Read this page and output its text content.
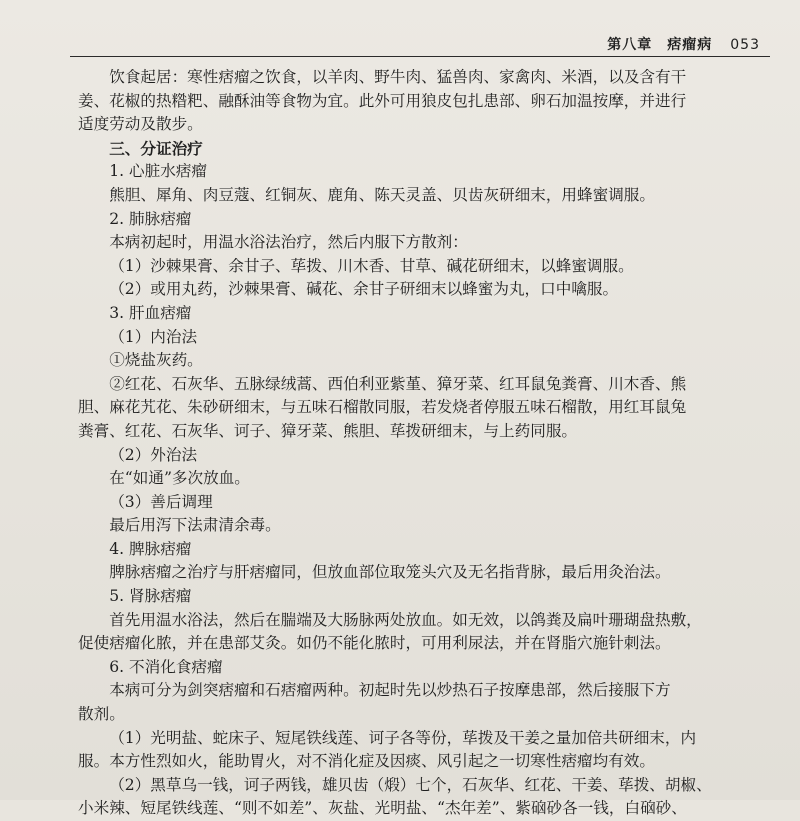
第八章　痞瘤病 053

饮食起居：寒性痞瘤之饮食，以羊肉、野牛肉、猛兽肉、家禽肉、米酒，以及含有干

姜、花椒的热糌粑、融酥油等食物为宜。此外可用狼皮包扎患部、卵石加温按摩，并进行

适度劳动及散步。

三、分证治疗

1. 心脏水痞瘤

熊胆、犀角、肉豆蔻、红铜灰、鹿角、陈天灵盖、贝齿灰研细末，用蜂蜜调服。

2. 肺脉痞瘤

本病初起时，用温水浴法治疗，然后内服下方散剂：

（1）沙棘果膏、余甘子、荜拨、川木香、甘草、碱花研细末，以蜂蜜调服。

（2）或用丸药，沙棘果膏、碱花、余甘子研细末以蜂蜜为丸，口中噙服。

3. 肝血痞瘤

（1）内治法

①烧盐灰药。

②红花、石灰华、五脉绿绒蒿、西伯利亚紫堇、獐牙菜、红耳鼠兔粪膏、川木香、熊

胆、麻花艽花、朱砂研细末，与五味石榴散同服，若发烧者停服五味石榴散，用红耳鼠兔

粪膏、红花、石灰华、诃子、獐牙菜、熊胆、荜拨研细末，与上药同服。

（2）外治法

在“如通”多次放血。

（3）善后调理

最后用泻下法肃清余毒。

4. 脾脉痞瘤

脾脉痞瘤之治疗与肝痞瘤同，但放血部位取笼头穴及无名指背脉，最后用灸治法。

5. 肾脉痞瘤

首先用温水浴法，然后在腨端及大肠脉两处放血。如无效，以鸽粪及扁叶珊瑚盘热敷，

促使痞瘤化脓，并在患部艾灸。如仍不能化脓时，可用利尿法，并在肾脂穴施针刺法。

6. 不消化食痞瘤

本病可分为剑突痞瘤和石痞瘤两种。初起时先以炒热石子按摩患部，然后接服下方

散剂。

（1）光明盐、蛇床子、短尾铁线莲、诃子各等份，荜拨及干姜之量加倍共研细末，内

服。本方性烈如火，能助胃火，对不消化症及因痰、风引起之一切寒性痞瘤均有效。

（2）黑草乌一钱，诃子两钱，雄贝齿（煅）七个，石灰华、红花、干姜、荜拨、胡椒、

小米辣、短尾铁线莲、“则不如差”、灰盐、光明盐、“杰年差”、紫硇砂各一钱，白硇砂、
